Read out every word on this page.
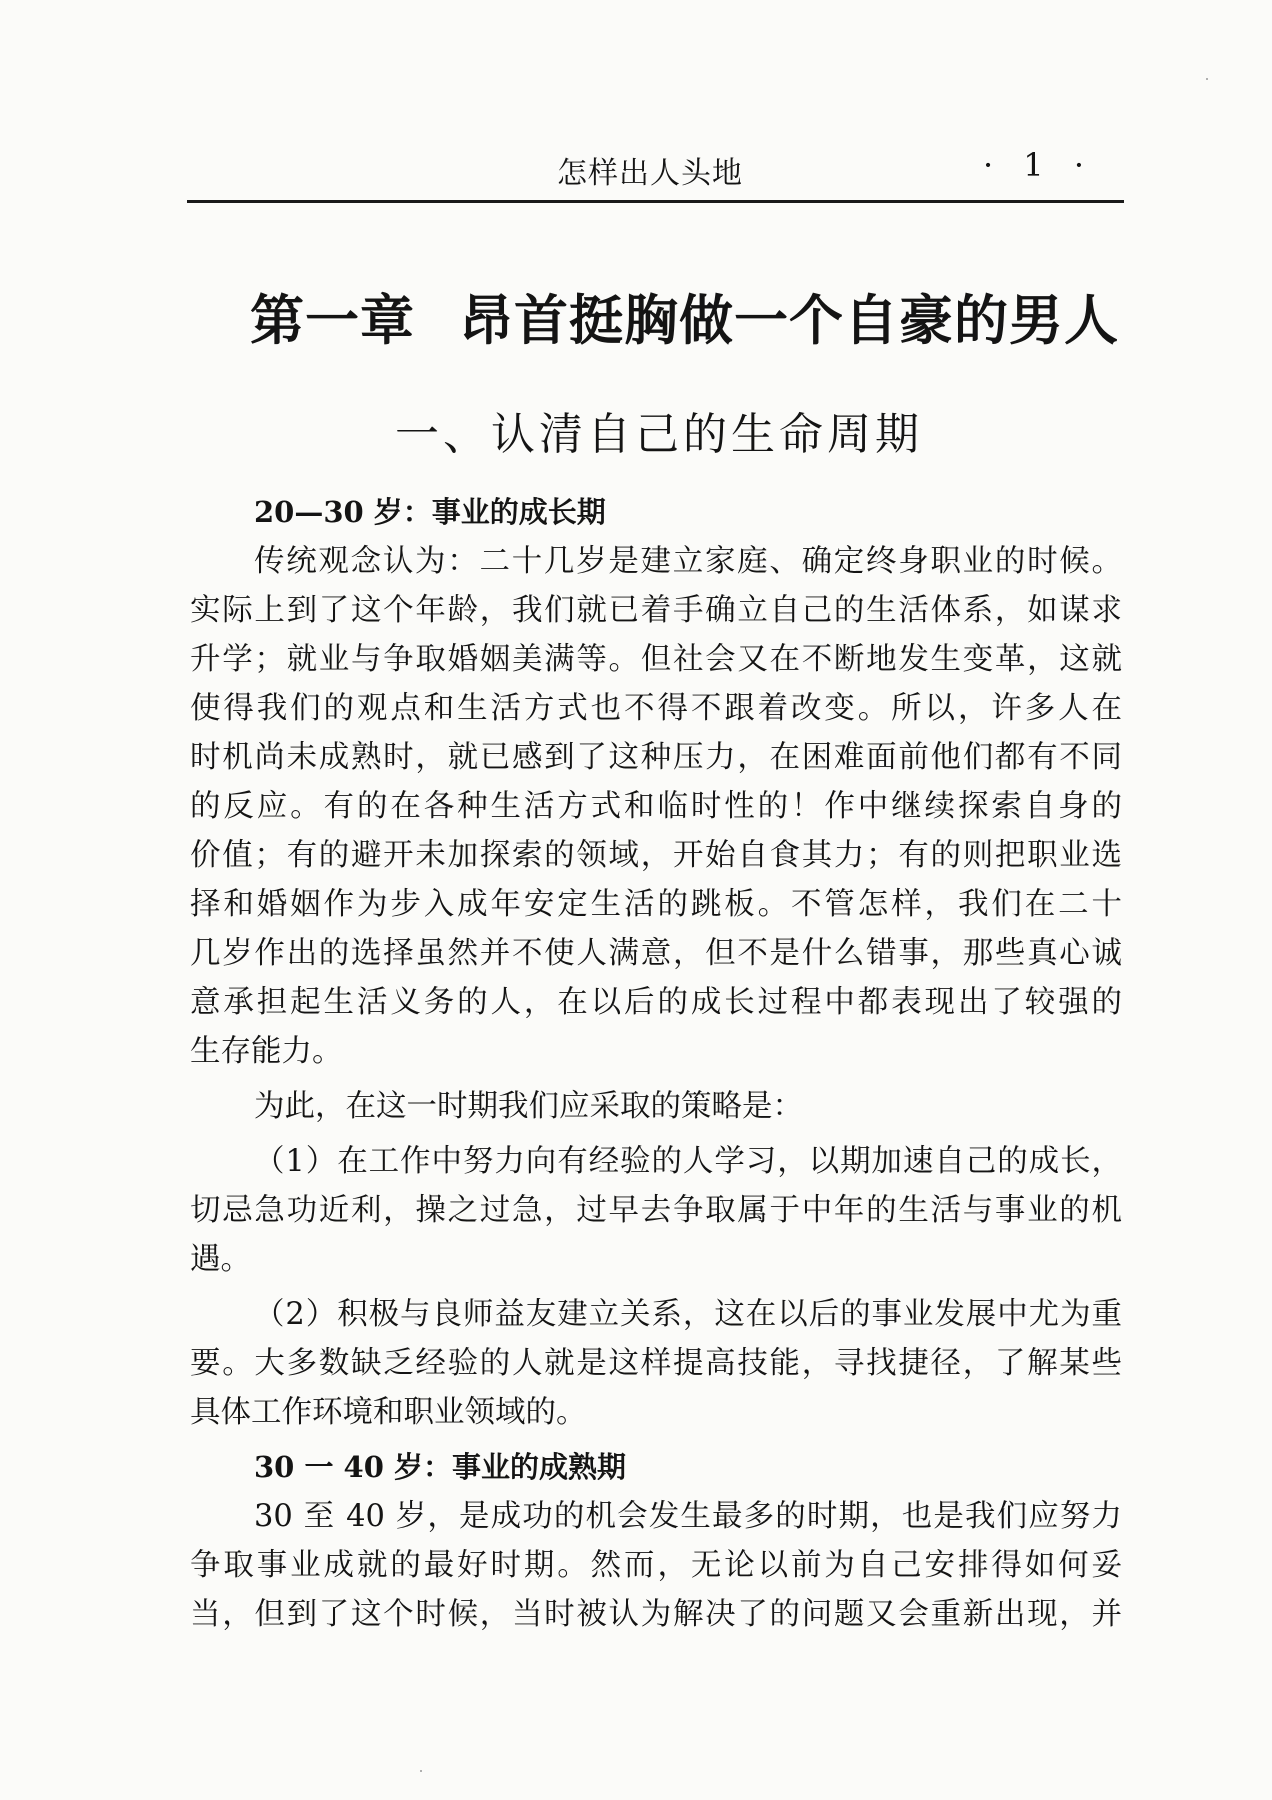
怎样出人头地	· 1 ·
第一章 昂首挺胸做一个自豪的男人
一、认清自己的生命周期
20—30 岁：事业的成长期
传统观念认为：二十几岁是建立家庭、确定终身职业的时候。
实际上到了这个年龄，我们就已着手确立自己的生活体系，如谋求
升学；就业与争取婚姻美满等。但社会又在不断地发生变革，这就
使得我们的观点和生活方式也不得不跟着改变。所以，许多人在
时机尚未成熟时，就已感到了这种压力，在困难面前他们都有不同
的反应。有的在各种生活方式和临时性的！作中继续探索自身的
价值；有的避开未加探索的领域，开始自食其力；有的则把职业选
择和婚姻作为步入成年安定生活的跳板。不管怎样，我们在二十
几岁作出的选择虽然并不使人满意，但不是什么错事，那些真心诚
意承担起生活义务的人，在以后的成长过程中都表现出了较强的
生存能力。
为此，在这一时期我们应采取的策略是：
（1）在工作中努力向有经验的人学习，以期加速自己的成长，
切忌急功近利，操之过急，过早去争取属于中年的生活与事业的机
遇。
（2）积极与良师益友建立关系，这在以后的事业发展中尤为重
要。大多数缺乏经验的人就是这样提高技能，寻找捷径，了解某些
具体工作环境和职业领域的。
30 一 40 岁：事业的成熟期
30 至 40 岁，是成功的机会发生最多的时期，也是我们应努力
争取事业成就的最好时期。然而，无论以前为自己安排得如何妥
当，但到了这个时候，当时被认为解决了的问题又会重新出现，并
